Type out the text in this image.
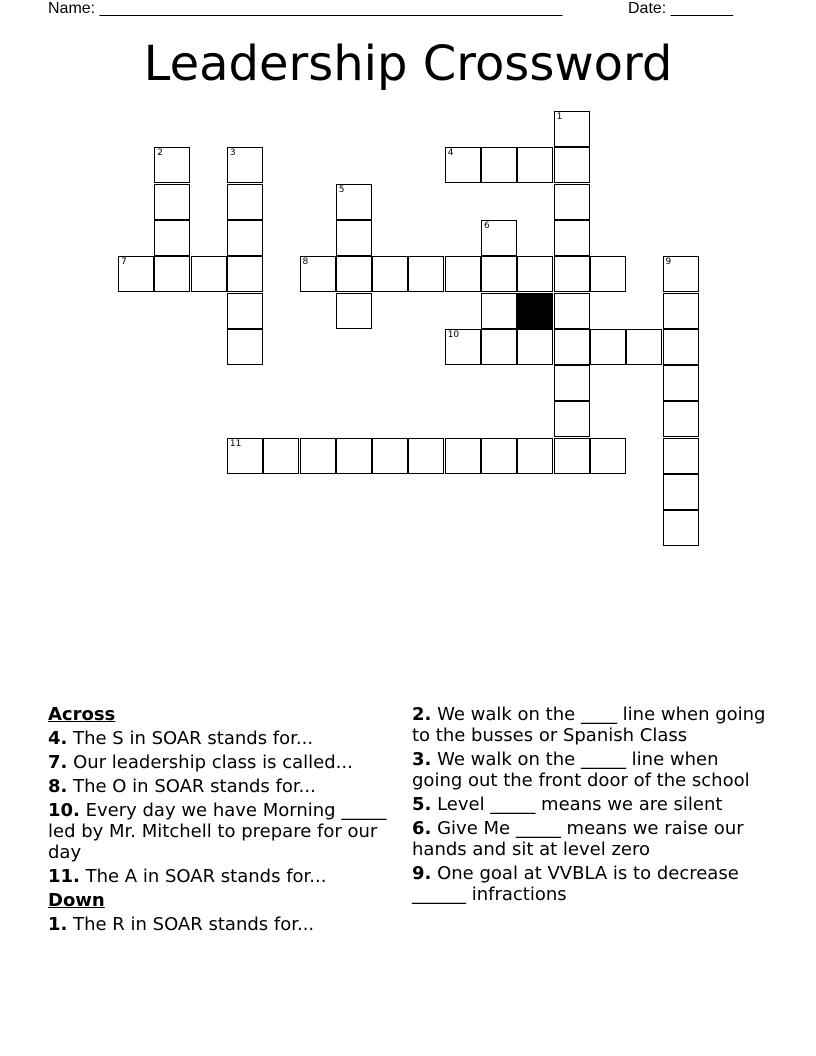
Name: ____________________________________________________	Date: _______
Leadership Crossword
1
2	3	4
5
6
7	8	9
10
11
Across
4. The S in SOAR stands for...
7. Our leadership class is called...
8. The O in SOAR stands for...
10. Every day we have Morning _____ led by Mr. Mitchell to prepare for our day
11. The A in SOAR stands for...
Down
1. The R in SOAR stands for...
2. We walk on the ____ line when going to the busses or Spanish Class
3. We walk on the _____ line when going out the front door of the school
5. Level _____ means we are silent
6. Give Me _____ means we raise our hands and sit at level zero
9. One goal at VVBLA is to decrease ______ infractions
